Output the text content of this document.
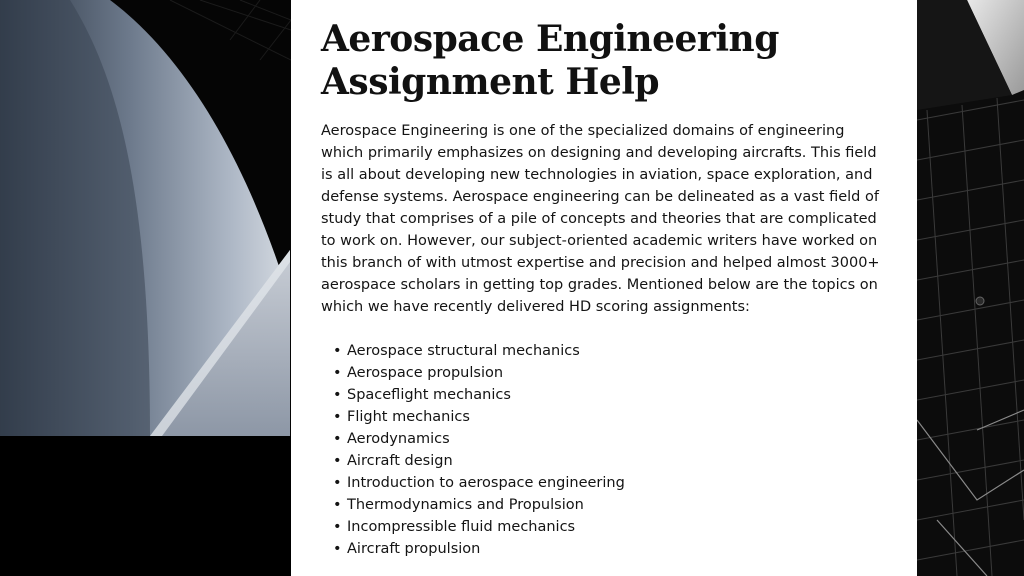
Aerospace Engineering
Assignment Help

Aerospace Engineering is one of the specialized domains of engineering which primarily emphasizes on designing and developing aircrafts. This field is all about developing new technologies in aviation, space exploration, and defense systems. Aerospace engineering can be delineated as a vast field of study that comprises of a pile of concepts and theories that are complicated to work on. However, our subject-oriented academic writers have worked on this branch of with utmost expertise and precision and helped almost 3000+ aerospace scholars in getting top grades. Mentioned below are the topics on which we have recently delivered HD scoring assignments:

• Aerospace structural mechanics
• Aerospace propulsion
• Spaceflight mechanics
• Flight mechanics
• Aerodynamics
• Aircraft design
• Introduction to aerospace engineering
• Thermodynamics and Propulsion
• Incompressible fluid mechanics
• Aircraft propulsion
